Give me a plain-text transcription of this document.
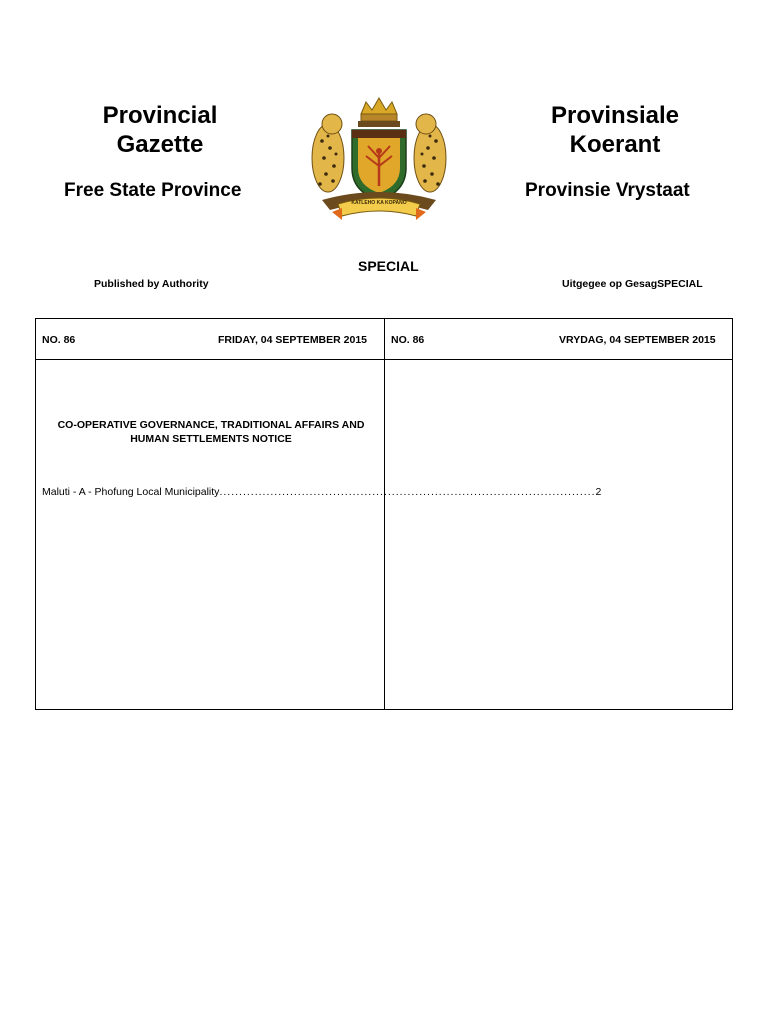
Provincial
Gazette
Provinsiale
Koerant
Free State Province	Provinsie Vrystaat
KATLEHO KA KOPANO
SPECIAL
Published by Authority	Uitgegee op GesagSPECIAL
NO. 86	FRIDAY, 04 SEPTEMBER 2015 NO. 86	VRYDAG, 04 SEPTEMBER 2015
CO-OPERATIVE GOVERNANCE, TRADITIONAL AFFAIRS AND
HUMAN SETTLEMENTS NOTICE
Maluti - A - Phofung Local Municipality ................................................................................................ 2
